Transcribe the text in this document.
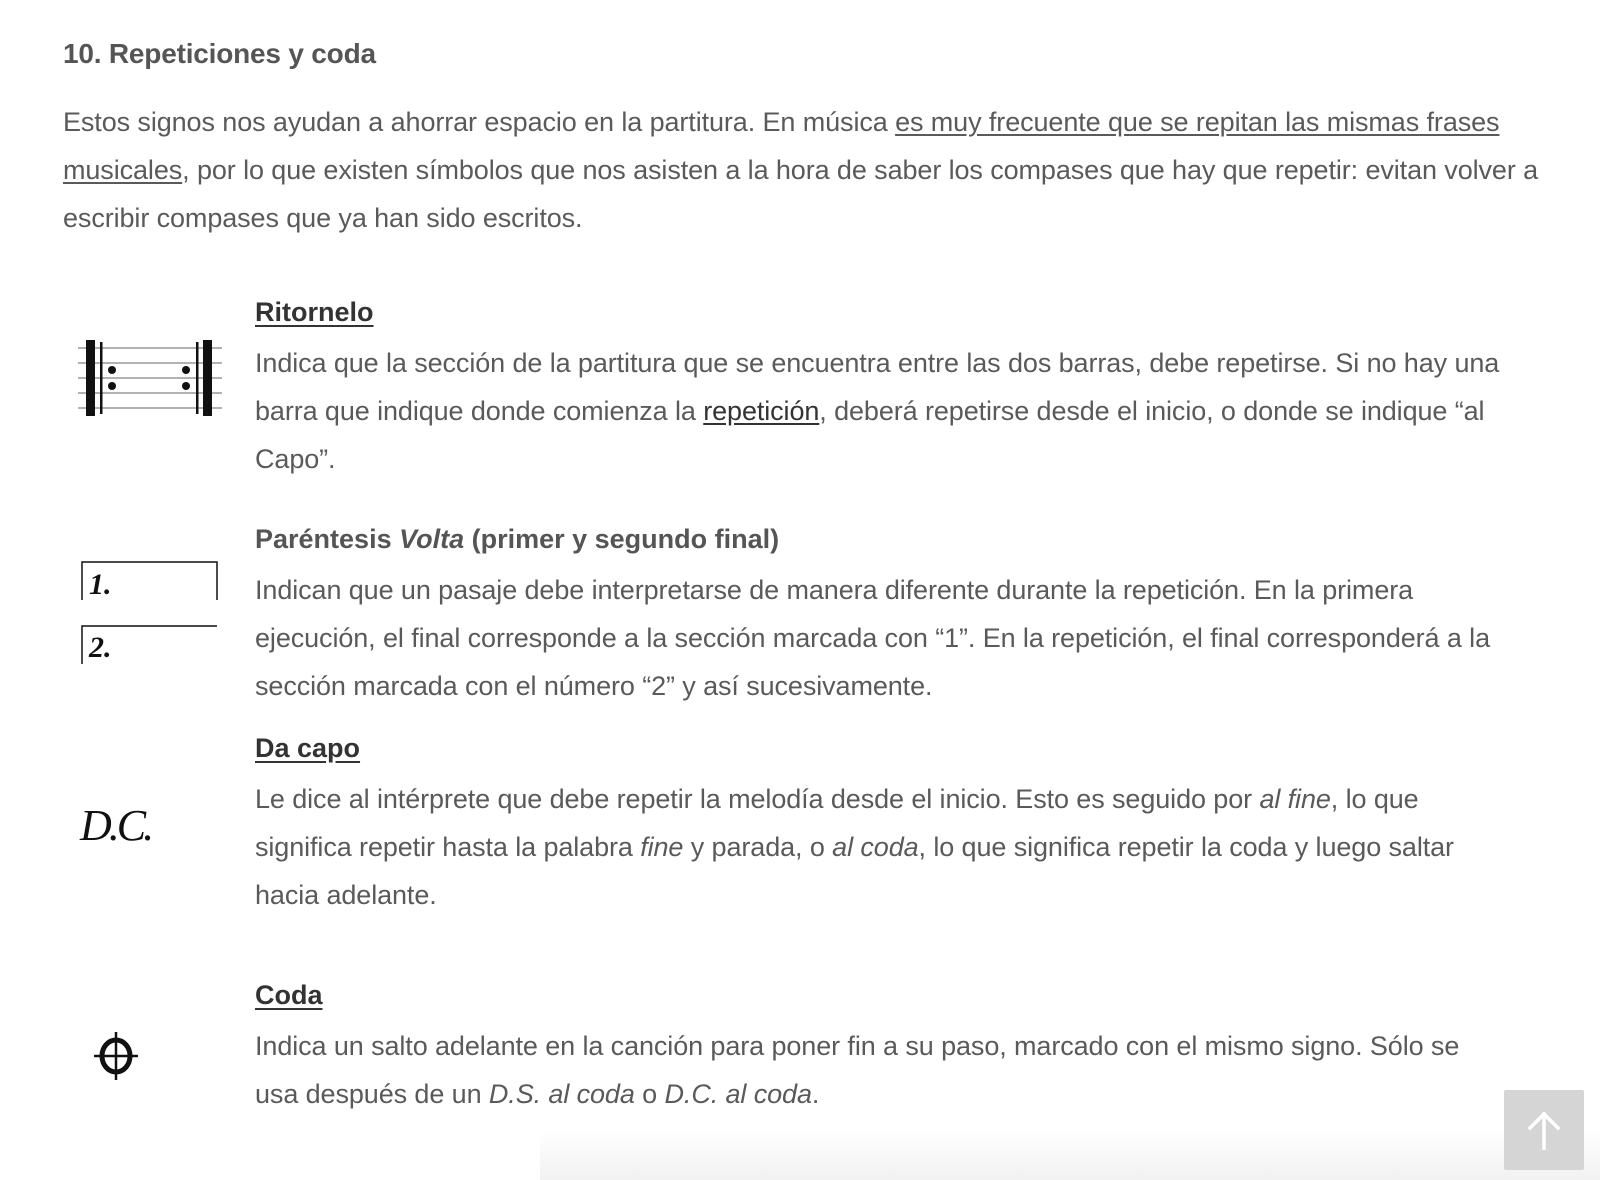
10. Repeticiones y coda

Estos signos nos ayudan a ahorrar espacio en la partitura. En música es muy frecuente que se repitan las mismas frases musicales, por lo que existen símbolos que nos asisten a la hora de saber los compases que hay que repetir: evitan volver a escribir compases que ya han sido escritos.

Ritornelo

Indica que la sección de la partitura que se encuentra entre las dos barras, debe repetirse. Si no hay una barra que indique donde comienza la repetición, deberá repetirse desde el inicio, o donde se indique “al Capo”.

1.
2.
Paréntesis Volta (primer y segundo final)

Indican que un pasaje debe interpretarse de manera diferente durante la repetición. En la primera ejecución, el final corresponde a la sección marcada con “1”. En la repetición, el final corresponderá a la sección marcada con el número “2” y así sucesivamente.

D.C.
Da capo

Le dice al intérprete que debe repetir la melodía desde el inicio. Esto es seguido por al fine, lo que significa repetir hasta la palabra fine y parada, o al coda, lo que significa repetir la coda y luego saltar hacia adelante.

Coda

Indica un salto adelante en la canción para poner fin a su paso, marcado con el mismo signo. Sólo se usa después de un D.S. al coda o D.C. al coda.
